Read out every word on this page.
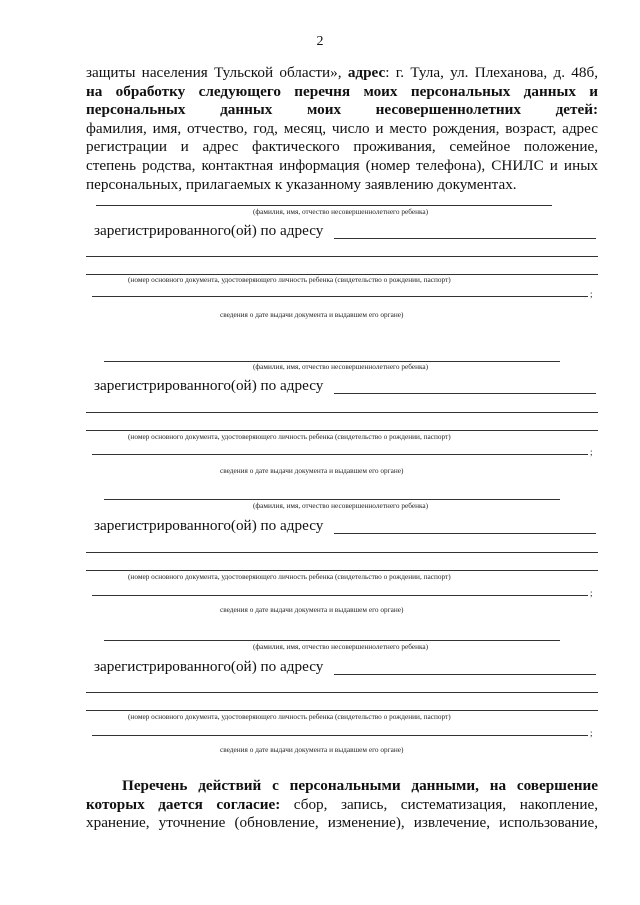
2
защиты населения Тульской области», адрес: г. Тула, ул. Плеханова, д. 48б,
на обработку следующего перечня моих персональных данных и
персональных данных моих несовершеннолетних детей:
фамилия, имя, отчество, год, месяц, число и место рождения, возраст, адрес
регистрации и адрес фактического проживания, семейное положение,
степень родства, контактная информация (номер телефона), СНИЛС и иных
персональных, прилагаемых к указанному заявлению документах.
(фамилия, имя, отчество несовершеннолетнего ребенка)
зарегистрированного(ой) по адресу
(номер основного документа, удостоверяющего личность ребенка (свидетельство о рождении, паспорт)
;
сведения о дате выдачи документа и выдавшем его органе)
(фамилия, имя, отчество несовершеннолетнего ребенка)
зарегистрированного(ой) по адресу
(номер основного документа, удостоверяющего личность ребенка (свидетельство о рождении, паспорт)
;
сведения о дате выдачи документа и выдавшем его органе)
(фамилия, имя, отчество несовершеннолетнего ребенка)
зарегистрированного(ой) по адресу
(номер основного документа, удостоверяющего личность ребенка (свидетельство о рождении, паспорт)
;
сведения о дате выдачи документа и выдавшем его органе)
(фамилия, имя, отчество несовершеннолетнего ребенка)
зарегистрированного(ой) по адресу
(номер основного документа, удостоверяющего личность ребенка (свидетельство о рождении, паспорт)
;
сведения о дате выдачи документа и выдавшем его органе)
Перечень действий с персональными данными, на совершение
которых дается согласие: сбор, запись, систематизация, накопление,
хранение, уточнение (обновление, изменение), извлечение, использование,
